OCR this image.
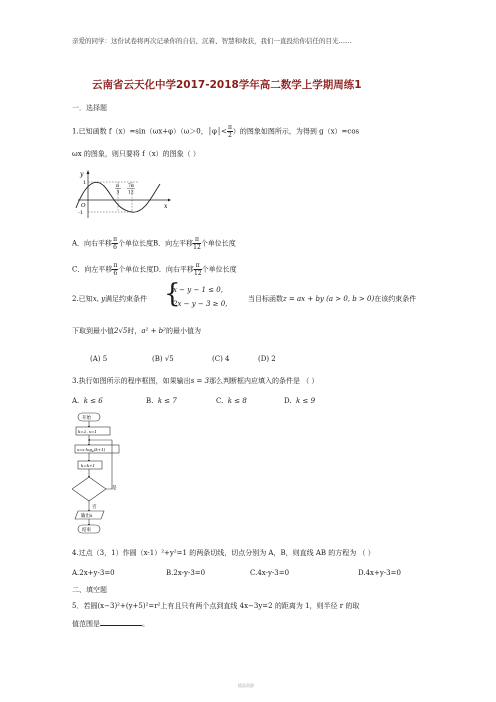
亲爱的同学：这份试卷将再次记录你的自信、沉着、智慧和收获，我们一直投给你信任的目光……
云南省云天化中学2017-2018学年高二数学上学期周练1
一．选择题
1.已知函数 f（x）=sin（ωx+φ）（ω＞0，│φ│< $\frac{\pi}{2}$ ）的图象如图所示，为得到 g（x）=cos
ωx 的图象，则只要将 f（x）的图象（ ）
y
x
O
1
-1
π
3
7π
12
A．向右平移 $\frac{\pi}{6}$ 个单位长度B．向左平移 $\frac{\pi}{12}$ 个单位长度
C．向左平移 $\frac{\pi}{6}$ 个单位长度D．向右平移 $\frac{\pi}{12}$ 个单位长度
2.已知x, y满足约束条件 {
x − y − 1 ≤ 0,
2x − y − 3 ≥ 0,
当目标函数z = ax + by (a > 0, b > 0)在该约束条件
下取到最小值2√5时，a² + b²的最小值为
(A) 5	(B) √5	(C) 4	(D) 2
3.执行如图所示的程序框图，如果输出s = 3那么判断框内应填入的条件是 （ ）
A. k ≤ 6	B. k ≤ 7	C. k ≤ 8	D. k ≤ 9
开始
k=2, s=1
$s=s\cdot\log_k(k+1)$
k=k+1
是
否
输出s
结束
4.过点（3，1）作圆（x-1）²+y²=1 的两条切线，切点分别为 A，B，则直线 AB 的方程为 （ ）
A.2x+y-3=0	B.2x-y-3=0	C.4x-y-3=0	D.4x+y-3=0
二、填空题
5．若圆(x−3)²+(y+5)²=r²上有且只有两个点到直线 4x−3y=2 的距离为 1，则半径 r 的取
值范围是	。
精品资源
